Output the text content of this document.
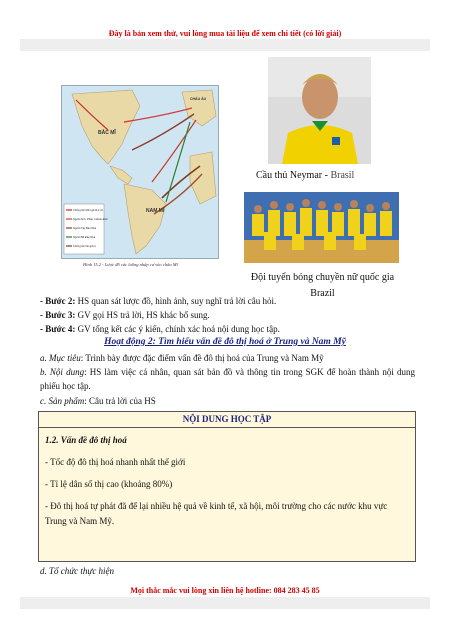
Đây là bản xem thử, vui lòng mua tài liệu để xem chi tiết (có lời giải)
Mọi thắc mắc vui lòng xin liên hệ hotline: 084 283 45 85
Chủng tộc Môn-gô-lô-it cổ
Người Anh, Pháp, Hà-lan-Đức
Người Tây Ban Nha
Người Bồ Đào Nha
Chủng tộc Nê-grô-it
BẮC MĨ
NAM MĨ
CHÂU ÂU
Hình 15.2 - Lược đồ các luồng nhập cư vào châu Mĩ
Cầu thủ Neymar - Brasil
Đội tuyển bóng chuyền nữ quốc gia
Brazil
- Bước 2: HS quan sát lược đồ, hình ảnh, suy nghĩ trả lời câu hỏi.
- Bước 3: GV gọi HS trả lời, HS khác bổ sung.
- Bước 4: GV tổng kết các ý kiến, chính xác hoá nội dung học tập.
Hoạt động 2: Tìm hiểu vấn đề đô thị hoá ở Trung và Nam Mỹ
a. Mục tiêu: Trình bày được đặc điểm vấn đề đô thị hoá của Trung và Nam Mỹ
b. Nội dung: HS làm việc cá nhân, quan sát bản đồ và thông tin trong SGK để hoàn thành nội dung phiếu học tập.
c. Sản phẩm: Câu trả lời của HS
NỘI DUNG HỌC TẬP
1.2. Vấn đề đô thị hoá
- Tốc độ đô thị hoá nhanh nhất thế giới
- Tỉ lệ dân số thị cao (khoảng 80%)
- Đô thị hoá tự phát đã để lại nhiều hệ quả về kinh tế, xã hội, môi trường cho các nước khu vực Trung và Nam Mỹ.
d. Tổ chức thực hiện
